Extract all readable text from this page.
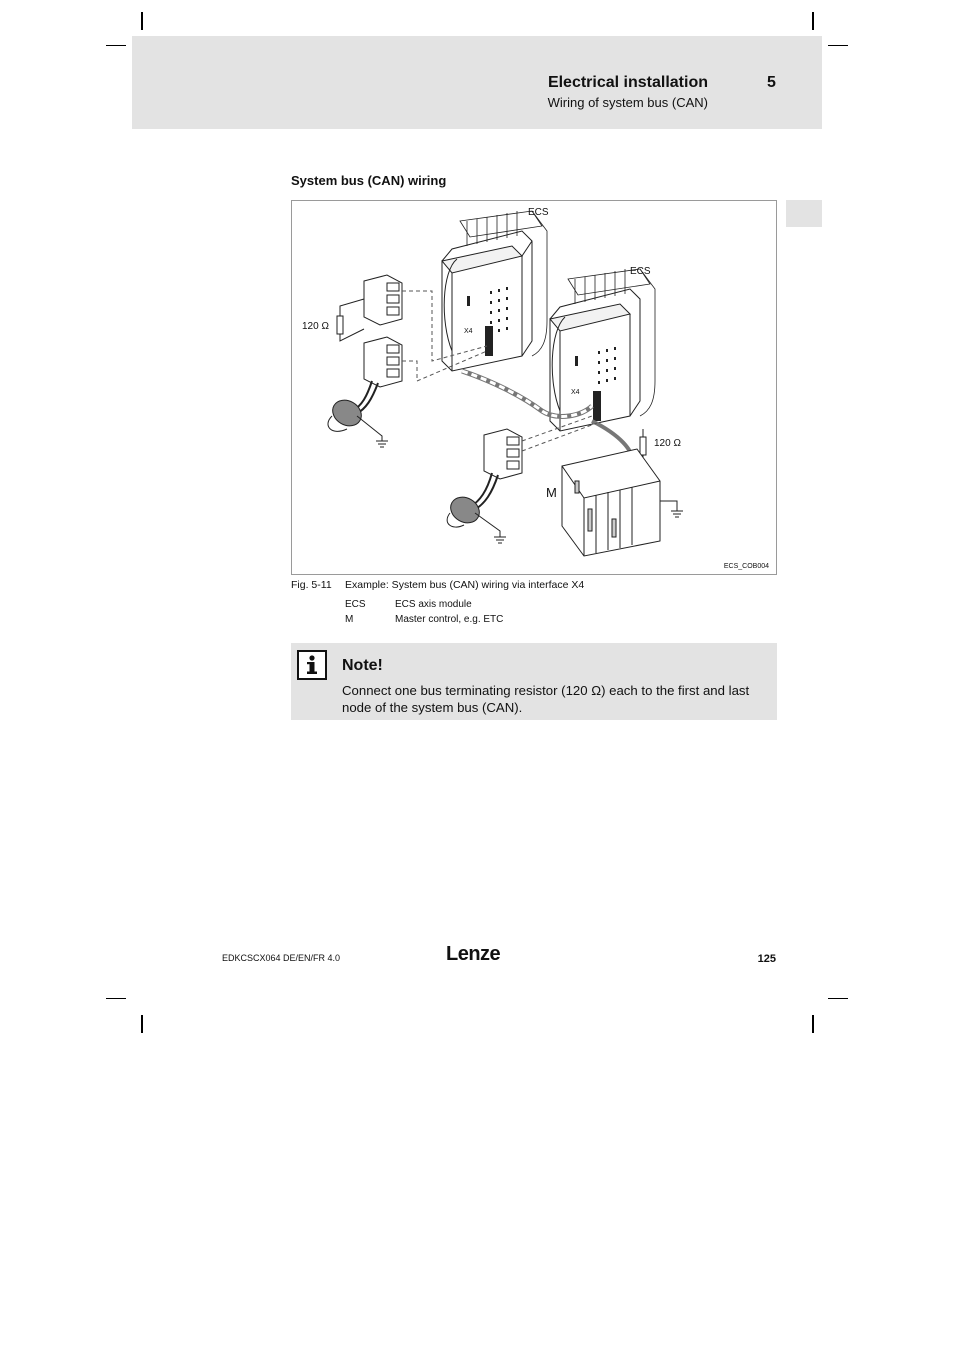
Electrical installation
Wiring of system bus (CAN)
5
System bus (CAN) wiring
ECS
ECS
120 Ω
120 Ω
X4
X4
M
ECS_COB004
Fig. 5-11 Example: System bus (CAN) wiring via interface X4
ECS	ECS axis module
M	Master control, e.g. ETC
Note!
Connect one bus terminating resistor (120 Ω) each to the first and last node of the system bus (CAN).
EDKCSCX064 DE/EN/FR 4.0	Lenze	125
